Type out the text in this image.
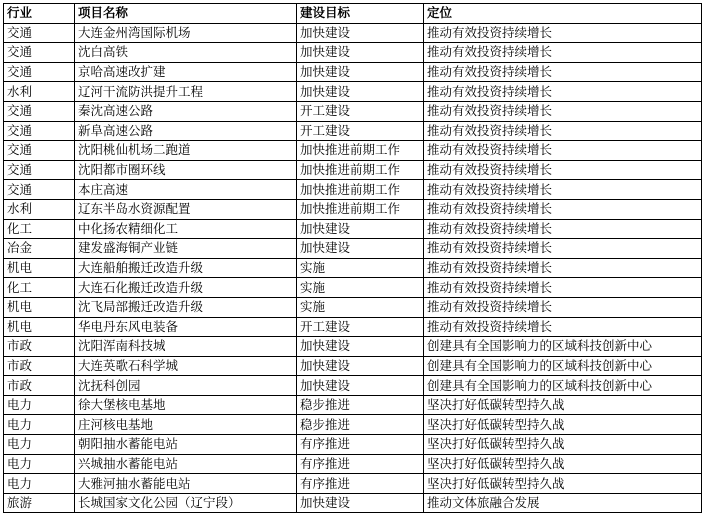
行业	项目名称	建设目标	定位
交通	大连金州湾国际机场	加快建设	推动有效投资持续增长
交通	沈白高铁	加快建设	推动有效投资持续增长
交通	京哈高速改扩建	加快建设	推动有效投资持续增长
水利	辽河干流防洪提升工程	加快建设	推动有效投资持续增长
交通	秦沈高速公路	开工建设	推动有效投资持续增长
交通	新阜高速公路	开工建设	推动有效投资持续增长
交通	沈阳桃仙机场二跑道	加快推进前期工作	推动有效投资持续增长
交通	沈阳都市圈环线	加快推进前期工作	推动有效投资持续增长
交通	本庄高速	加快推进前期工作	推动有效投资持续增长
水利	辽东半岛水资源配置	加快推进前期工作	推动有效投资持续增长
化工	中化扬农精细化工	加快建设	推动有效投资持续增长
冶金	建发盛海铜产业链	加快建设	推动有效投资持续增长
机电	大连船舶搬迁改造升级	实施	推动有效投资持续增长
化工	大连石化搬迁改造升级	实施	推动有效投资持续增长
机电	沈飞局部搬迁改造升级	实施	推动有效投资持续增长
机电	华电丹东风电装备	开工建设	推动有效投资持续增长
市政	沈阳浑南科技城	加快建设	创建具有全国影响力的区域科技创新中心
市政	大连英歌石科学城	加快建设	创建具有全国影响力的区域科技创新中心
市政	沈抚科创园	加快建设	创建具有全国影响力的区域科技创新中心
电力	徐大堡核电基地	稳步推进	坚决打好低碳转型持久战
电力	庄河核电基地	稳步推进	坚决打好低碳转型持久战
电力	朝阳抽水蓄能电站	有序推进	坚决打好低碳转型持久战
电力	兴城抽水蓄能电站	有序推进	坚决打好低碳转型持久战
电力	大雅河抽水蓄能电站	有序推进	坚决打好低碳转型持久战
旅游	长城国家文化公园（辽宁段）	加快建设	推动文体旅融合发展
